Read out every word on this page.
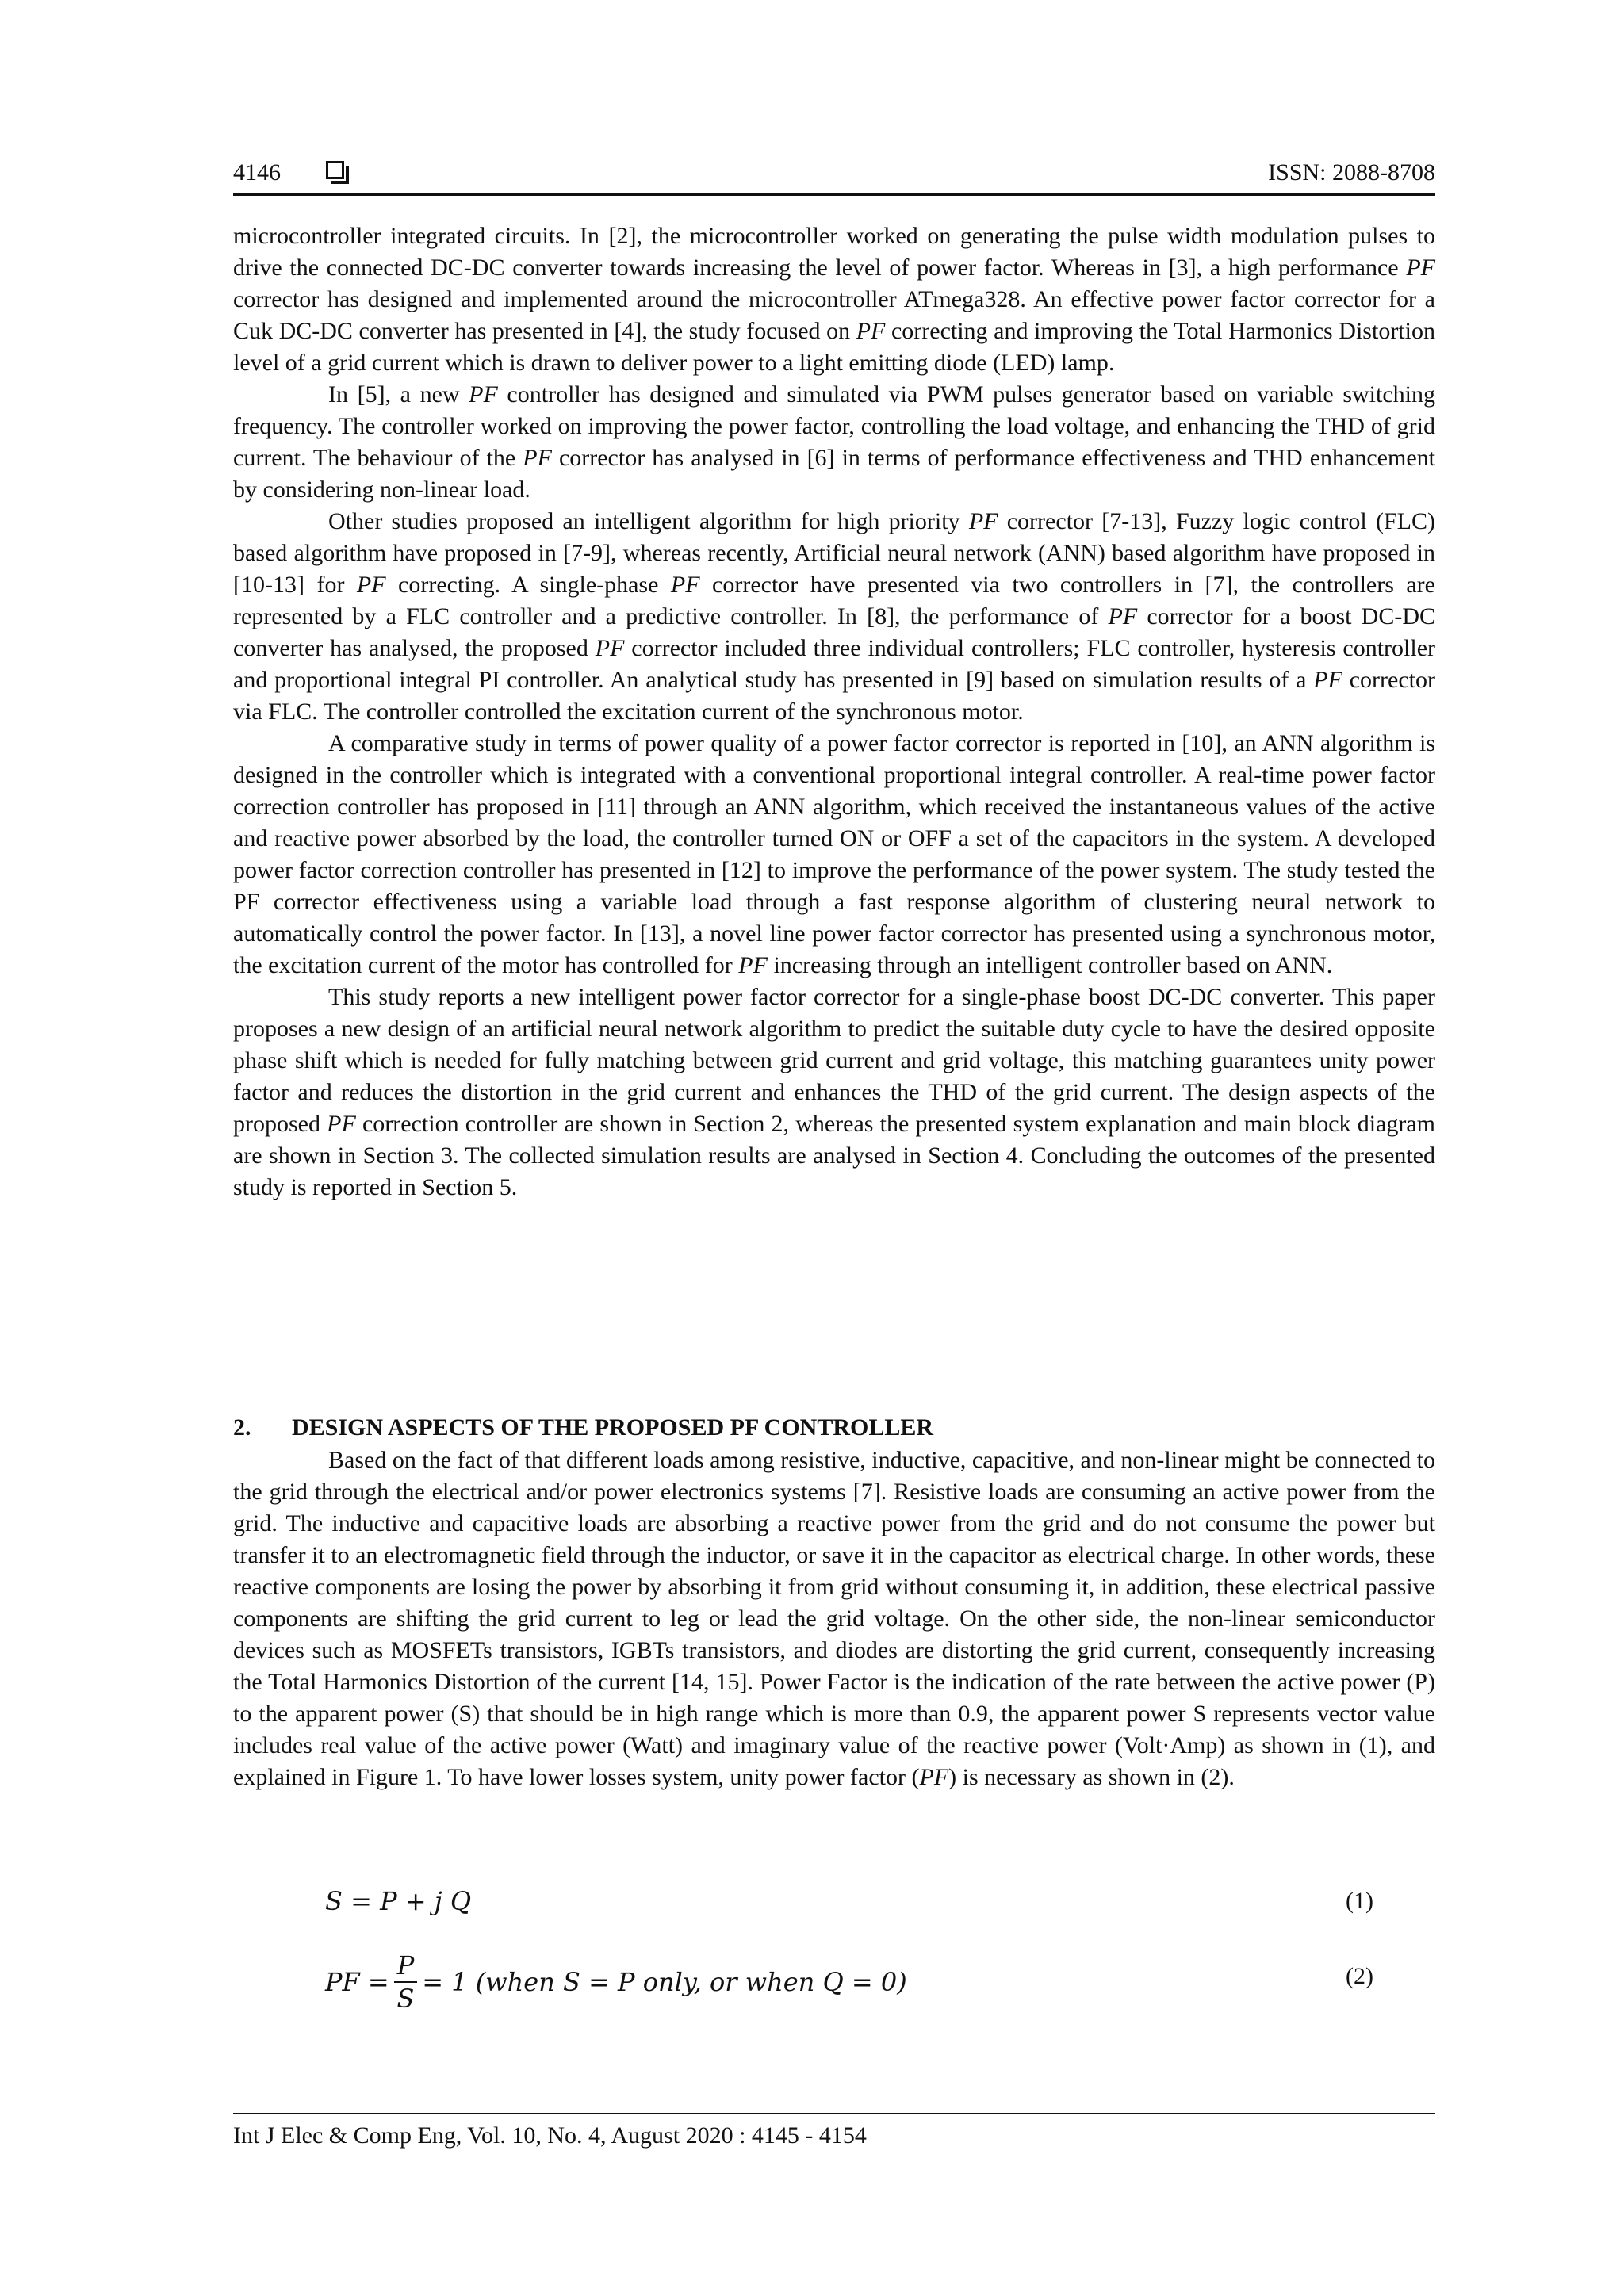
4146	ISSN: 2088-8708

microcontroller integrated circuits. In [2], the microcontroller worked on generating the pulse width modulation pulses to drive the connected DC-DC converter towards increasing the level of power factor. Whereas in [3], a high performance PF corrector has designed and implemented around the microcontroller ATmega328. An effective power factor corrector for a Cuk DC-DC converter has presented in [4], the study focused on PF correcting and improving the Total Harmonics Distortion level of a grid current which is drawn to deliver power to a light emitting diode (LED) lamp.

In [5], a new PF controller has designed and simulated via PWM pulses generator based on variable switching frequency. The controller worked on improving the power factor, controlling the load voltage, and enhancing the THD of grid current. The behaviour of the PF corrector has analysed in [6] in terms of performance effectiveness and THD enhancement by considering non-linear load.

Other studies proposed an intelligent algorithm for high priority PF corrector [7-13], Fuzzy logic control (FLC) based algorithm have proposed in [7-9], whereas recently, Artificial neural network (ANN) based algorithm have proposed in [10-13] for PF correcting. A single-phase PF corrector have presented via two controllers in [7], the controllers are represented by a FLC controller and a predictive controller. In [8], the performance of PF corrector for a boost DC-DC converter has analysed, the proposed PF corrector included three individual controllers; FLC controller, hysteresis controller and proportional integral PI controller. An analytical study has presented in [9] based on simulation results of a PF corrector via FLC. The controller controlled the excitation current of the synchronous motor.

A comparative study in terms of power quality of a power factor corrector is reported in [10], an ANN algorithm is designed in the controller which is integrated with a conventional proportional integral controller. A real-time power factor correction controller has proposed in [11] through an ANN algorithm, which received the instantaneous values of the active and reactive power absorbed by the load, the controller turned ON or OFF a set of the capacitors in the system. A developed power factor correction controller has presented in [12] to improve the performance of the power system. The study tested the PF corrector effectiveness using a variable load through a fast response algorithm of clustering neural network to automatically control the power factor. In [13], a novel line power factor corrector has presented using a synchronous motor, the excitation current of the motor has controlled for PF increasing through an intelligent controller based on ANN.

This study reports a new intelligent power factor corrector for a single-phase boost DC-DC converter. This paper proposes a new design of an artificial neural network algorithm to predict the suitable duty cycle to have the desired opposite phase shift which is needed for fully matching between grid current and grid voltage, this matching guarantees unity power factor and reduces the distortion in the grid current and enhances the THD of the grid current. The design aspects of the proposed PF correction controller are shown in Section 2, whereas the presented system explanation and main block diagram are shown in Section 3. The collected simulation results are analysed in Section 4. Concluding the outcomes of the presented study is reported in Section 5.

2. DESIGN ASPECTS OF THE PROPOSED PF CONTROLLER

Based on the fact of that different loads among resistive, inductive, capacitive, and non-linear might be connected to the grid through the electrical and/or power electronics systems [7]. Resistive loads are consuming an active power from the grid. The inductive and capacitive loads are absorbing a reactive power from the grid and do not consume the power but transfer it to an electromagnetic field through the inductor, or save it in the capacitor as electrical charge. In other words, these reactive components are losing the power by absorbing it from grid without consuming it, in addition, these electrical passive components are shifting the grid current to leg or lead the grid voltage. On the other side, the non-linear semiconductor devices such as MOSFETs transistors, IGBTs transistors, and diodes are distorting the grid current, consequently increasing the Total Harmonics Distortion of the current [14, 15]. Power Factor is the indication of the rate between the active power (P) to the apparent power (S) that should be in high range which is more than 0.9, the apparent power S represents vector value includes real value of the active power (Watt) and imaginary value of the reactive power (Volt·Amp) as shown in (1), and explained in Figure 1. To have lower losses system, unity power factor (PF) is necessary as shown in (2).

S = P + j Q	(1)
PF = $\frac{P}{S} = 1$ (when S = P only, or when Q = 0)	(2)
Int J Elec & Comp Eng, Vol. 10, No. 4, August 2020 : 4145 - 4154
